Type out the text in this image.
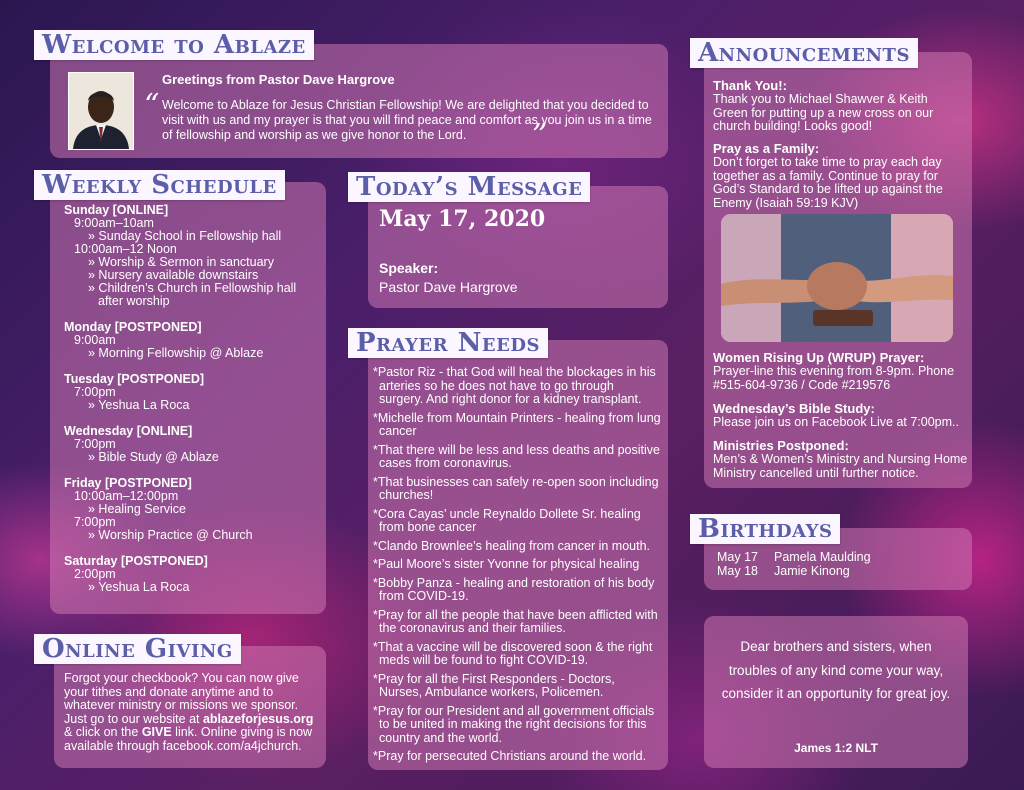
Welcome to Ablaze
Greetings from Pastor Dave Hargrove
“ Welcome to Ablaze for Jesus Christian Fellowship! We are delighted that you decided to visit with us and my prayer is that you will find peace and comfort as you join us in a time of fellowship and worship as we give honor to the Lord.	”
Weekly Schedule
Sunday [ONLINE]
9:00am–10am
» Sunday School in Fellowship hall
10:00am–12 Noon
» Worship & Sermon in sanctuary
» Nursery available downstairs
» Children’s Church in Fellowship hall
after worship
Monday [POSTPONED]
9:00am
» Morning Fellowship @ Ablaze
Tuesday [POSTPONED]
7:00pm
» Yeshua La Roca
Wednesday [ONLINE]
7:00pm
» Bible Study @ Ablaze
Friday [POSTPONED]
10:00am–12:00pm
» Healing Service
7:00pm
» Worship Practice @ Church
Saturday [POSTPONED]
2:00pm
» Yeshua La Roca
Online Giving
Forgot your checkbook? You can now give your tithes and donate anytime and to whatever ministry or missions we sponsor. Just go to our website at ablazeforjesus.org & click on the GIVE link. Online giving is now available through facebook.com/a4jchurch.
Today’s Message
May 17, 2020
Speaker:
Pastor Dave Hargrove
Prayer Needs
*Pastor Riz - that God will heal the blockages in his arteries so he does not have to go through surgery. And right donor for a kidney transplant.
*Michelle from Mountain Printers - healing from lung cancer
*That there will be less and less deaths and positive cases from coronavirus.
*That businesses can safely re-open soon including churches!
*Cora Cayas’ uncle Reynaldo Dollete Sr. healing from bone cancer
*Clando Brownlee’s healing from cancer in mouth.
*Paul Moore’s sister Yvonne for physical healing
*Bobby Panza - healing and restoration of his body from COVID-19.
*Pray for all the people that have been afflicted with the coronavirus and their families.
*That a vaccine will be discovered soon & the right meds will be found to fight COVID-19.
*Pray for all the First Responders - Doctors, Nurses, Ambulance workers, Policemen.
*Pray for our President and all government officials to be united in making the right decisions for this country and the world.
*Pray for persecuted Christians around the world.
Announcements
Thank You!:
Thank you to Michael Shawver & Keith Green for putting up a new cross on our church building! Looks good!
Pray as a Family:
Don’t forget to take time to pray each day together as a family. Continue to pray for God’s Standard to be lifted up against the Enemy (Isaiah 59:19 KJV)
Women Rising Up (WRUP) Prayer:
Prayer-line this evening from 8-9pm. Phone #515-604-9736 / Code #219576
Wednesday’s Bible Study:
Please join us on Facebook Live at 7:00pm..
Ministries Postponed:
Men’s & Women’s Ministry and Nursing Home Ministry cancelled until further notice.
Birthdays
May 17 Pamela Maulding
May 18 Jamie Kinong
Dear brothers and sisters, when troubles of any kind come your way, consider it an opportunity for great joy.
James 1:2 NLT
